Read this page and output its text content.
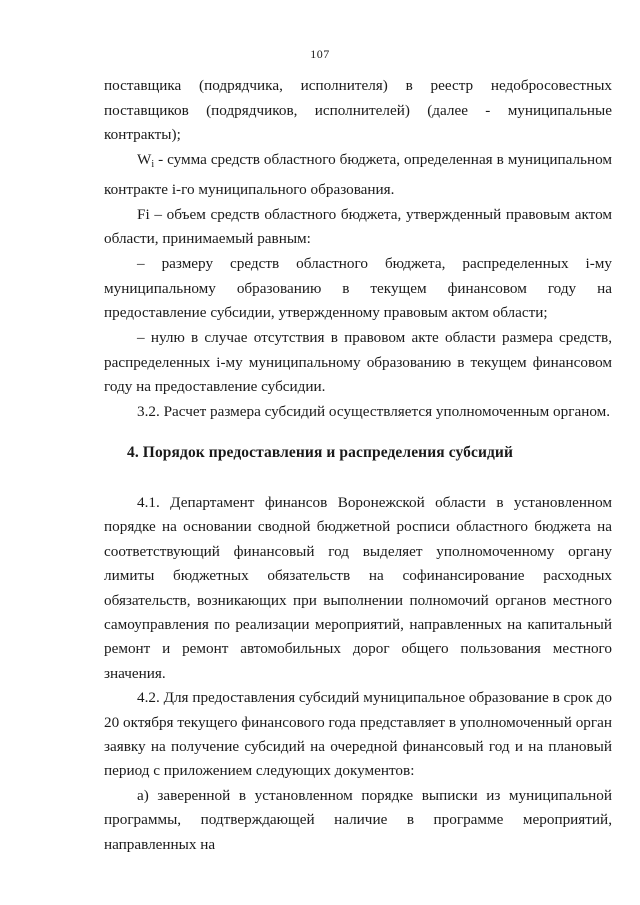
107

поставщика (подрядчика, исполнителя) в реестр недобросовестных поставщиков (подрядчиков, исполнителей) (далее - муниципальные контракты);

$W_i$ - сумма средств областного бюджета, определенная в муниципальном контракте i-го муниципального образования.

Fi – объем средств областного бюджета, утвержденный правовым актом области, принимаемый равным:

– размеру средств областного бюджета, распределенных i-му муниципальному образованию в текущем финансовом году на предоставление субсидии, утвержденному правовым актом области;

– нулю в случае отсутствия в правовом акте области размера средств, распределенных i-му муниципальному образованию в текущем финансовом году на предоставление субсидии.

3.2. Расчет размера субсидий осуществляется уполномоченным органом.

4. Порядок предоставления и распределения субсидий

4.1. Департамент финансов Воронежской области в установленном порядке на основании сводной бюджетной росписи областного бюджета на соответствующий финансовый год выделяет уполномоченному органу лимиты бюджетных обязательств на софинансирование расходных обязательств, возникающих при выполнении полномочий органов местного самоуправления по реализации мероприятий, направленных на капитальный ремонт и ремонт автомобильных дорог общего пользования местного значения.

4.2. Для предоставления субсидий муниципальное образование в срок до 20 октября текущего финансового года представляет в уполномоченный орган заявку на получение субсидий на очередной финансовый год и на плановый период с приложением следующих документов:

а) заверенной в установленном порядке выписки из муниципальной программы, подтверждающей наличие в программе мероприятий, направленных на
